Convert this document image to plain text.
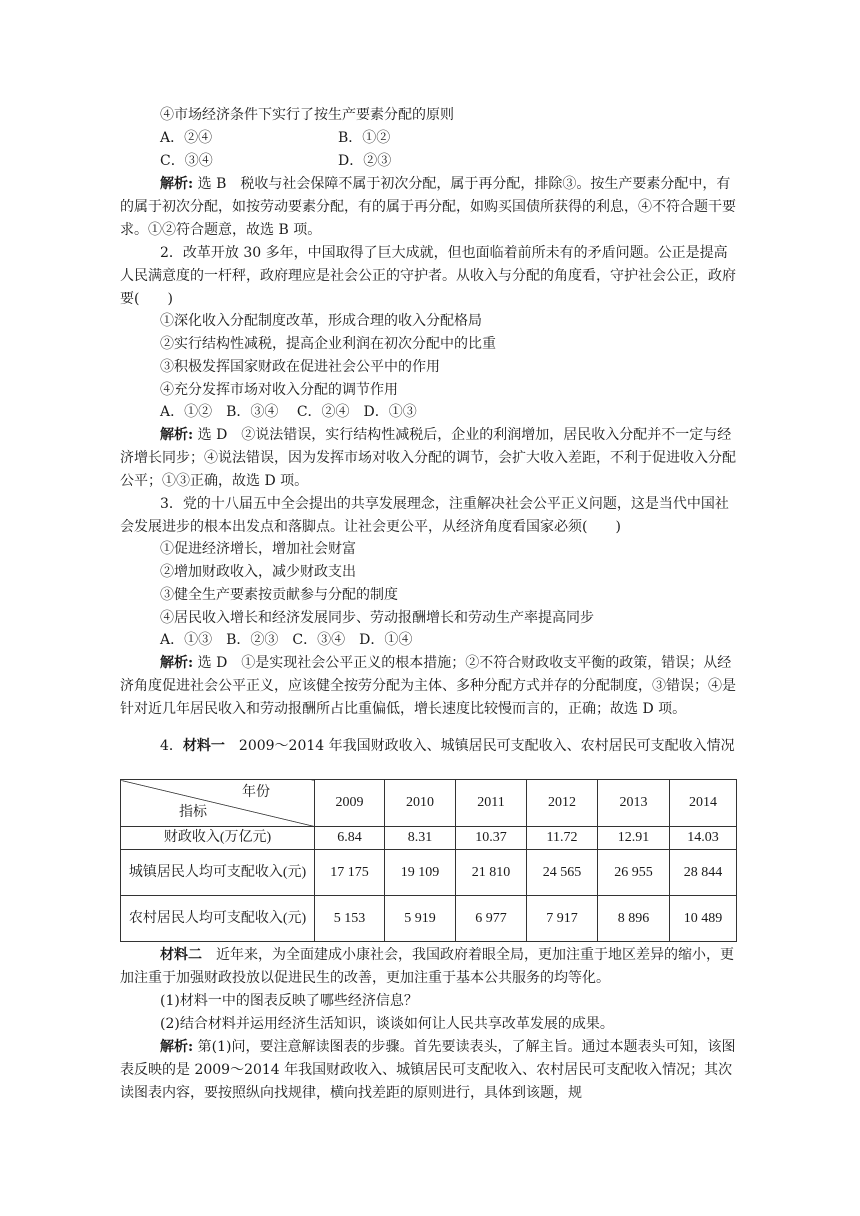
④市场经济条件下实行了按生产要素分配的原则

A．②④	B．①②
C．③④	D．②③

解析: 选 B　税收与社会保障不属于初次分配，属于再分配，排除③。按生产要素分配中，有的属于初次分配，如按劳动要素分配，有的属于再分配，如购买国债所获得的利息，④不符合题干要求。①②符合题意，故选 B 项。

2．改革开放 30 多年，中国取得了巨大成就，但也面临着前所未有的矛盾问题。公正是提高人民满意度的一杆秤，政府理应是社会公正的守护者。从收入与分配的角度看，守护社会公正，政府要(　　)

①深化收入分配制度改革，形成合理的收入分配格局

②实行结构性减税，提高企业利润在初次分配中的比重

③积极发挥国家财政在促进社会公平中的作用

④充分发挥市场对收入分配的调节作用

A．①②　B．③④　 C．②④　D．①③

解析: 选 D　②说法错误，实行结构性减税后，企业的利润增加，居民收入分配并不一定与经济增长同步；④说法错误，因为发挥市场对收入分配的调节，会扩大收入差距，不利于促进收入分配公平；①③正确，故选 D 项。

3．党的十八届五中全会提出的共享发展理念，注重解决社会公平正义问题，这是当代中国社会发展进步的根本出发点和落脚点。让社会更公平，从经济角度看国家必须(　　)

①促进经济增长，增加社会财富

②增加财政收入，减少财政支出

③健全生产要素按贡献参与分配的制度

④居民收入增长和经济发展同步、劳动报酬增长和劳动生产率提高同步

A．①③　B．②③　C．③④　D．①④

解析: 选 D　①是实现社会公平正义的根本措施；②不符合财政收支平衡的政策，错误；从经济角度促进社会公平正义，应该健全按劳分配为主体、多种分配方式并存的分配制度，③错误；④是针对近几年居民收入和劳动报酬所占比重偏低，增长速度比较慢而言的，正确；故选 D 项。

4．材料一　2009～2014 年我国财政收入、城镇居民可支配收入、农村居民可支配收入情况

年份
指标	2009	2010	2011	2012	2013	2014
财政收入(万亿元)	6.84	8.31	10.37	11.72	12.91	14.03
城镇居民人均可支配收入(元)	17 175	19 109	21 810	24 565	26 955	28 844
农村居民人均可支配收入(元)	5 153	5 919	6 977	7 917	8 896	10 489

材料二　近年来，为全面建成小康社会，我国政府着眼全局，更加注重于地区差异的缩小，更加注重于加强财政投放以促进民生的改善，更加注重于基本公共服务的均等化。

(1)材料一中的图表反映了哪些经济信息？

(2)结合材料并运用经济生活知识，谈谈如何让人民共享改革发展的成果。

解析: 第(1)问，要注意解读图表的步骤。首先要读表头，了解主旨。通过本题表头可知，该图表反映的是 2009～2014 年我国财政收入、城镇居民可支配收入、农村居民可支配收入情况；其次读图表内容，要按照纵向找规律，横向找差距的原则进行，具体到该题，规
